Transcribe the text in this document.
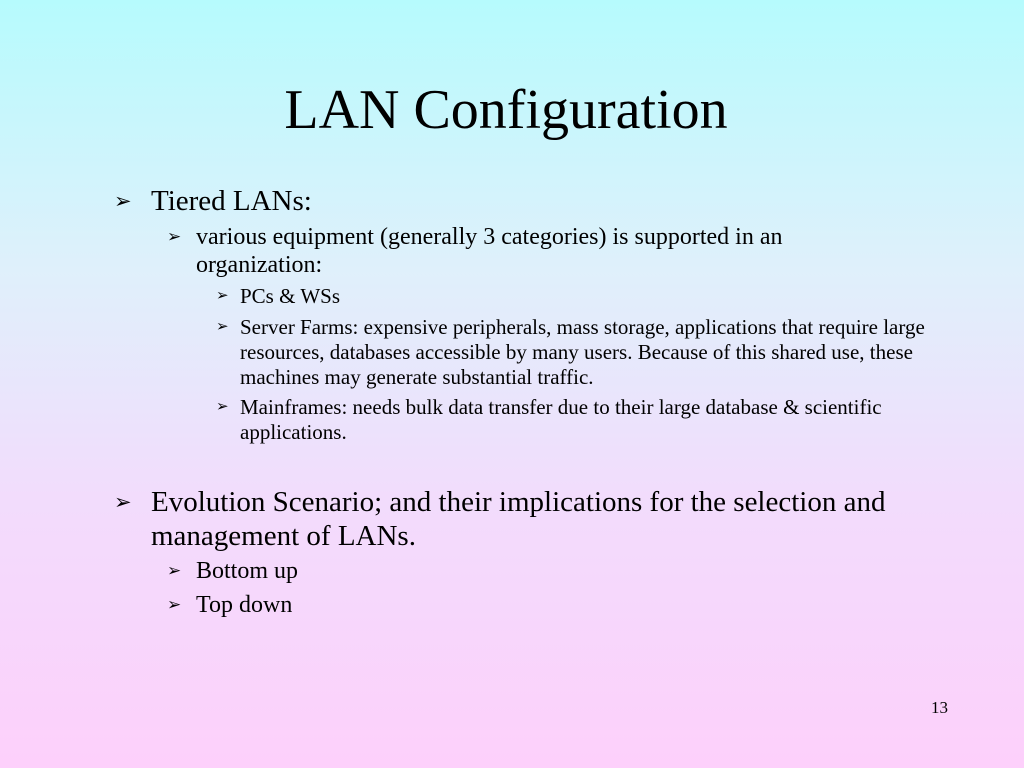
LAN Configuration
➢ Tiered LANs:
➢ various equipment (generally 3 categories) is supported in an organization:
➢ PCs & WSs
➢ Server Farms: expensive peripherals, mass storage, applications that require large resources, databases accessible by many users. Because of this shared use, these machines may generate substantial traffic.
➢ Mainframes: needs bulk data transfer due to their large database & scientific applications.
➢ Evolution Scenario; and their implications for the selection and management of LANs.
➢ Bottom up
➢ Top down
13
